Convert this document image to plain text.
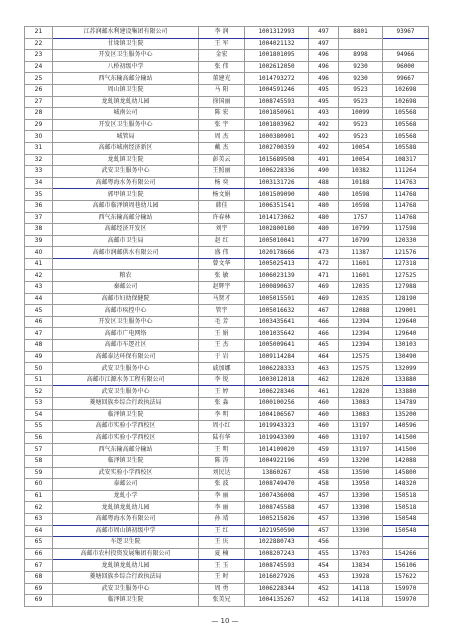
21	江苏润邮水利建设集团有限公司	李 润	1001312993	497	8801	93967
22	甘垛镇卫生院	王 军	1004021132	497		
23	开发区卫生服务中心	金宏	1001801095	496	8998	94966
24	八桥初级中学	张 伟	1002612050	496	9230	96000
25	西气东输高邮分输站	董建光	1014793272	496	9230	99667
26	周山镇卫生院	马 阳	1004591246	495	9523	102698
27	龙虬镇龙虬幼儿园	徐国丽	1008745593	495	9523	102698
28	城南公司	陈 宏	1001850961	493	10099	105568
29	开发区卫生服务中心	张 宇	1001803962	492	9523	105568
30	城管局	周 杰	1000380901	492	9523	105568
31	高邮市城南经济新区	戴 杰	1002700359	492	10054	105588
32	龙虬镇卫生院	彭美云	1015689508	491	10054	108317
33	武安卫生服务中心	王照丽	1006228336	490	10382	111264
34	高邮粤海水务有限公司	杨 奕	1003131726	488	10188	114763
35	郭甲镇卫生院	杨文娟	1001509090	480	10598	114768
36	高邮市临泽镇周巷幼儿园	韩佳	1006351541	480	10598	114768
37	西气东输高邮分输站	许春林	1014173062	480	1757	114768
38	高邮经济开发区	刘宇	1002800180	480	10799	117598
39	高邮市卫生局	赵 红	1005010041	477	10799	120330
40	高邮市润邮供水有限公司	盛 伟	1020178666	473	11387	121576
41		曾文华	1005025413	472	11601	127318
42	粮农	张 敏	1006023139	471	11601	127525
43	秦邮公司	赵辉宇	1000890637	469	12035	127988
44	高邮市妇幼保健院	马贤才	1005015501	469	12035	128190
45	高邮市疾控中心	管宇	1005016632	467	12088	129001
46	开发区卫生服务中心	毛 芳	1003435641	466	12394	129640
47	高邮市广电网络	王 娟	1001035642	466	12394	129640
48	高邮市车逻社区	王 杰	1005009641	465	12394	130103
49	高邮泰达环保有限公司	于 岩	1009114284	464	12575	130490
50	武安卫生服务中心	戚加娜	1006228333	463	12575	132099
51	高邮市江源水务工程有限公司	李 锐	1003012018	462	12820	133880
52	武安卫生服务中心	王 婷	1006228346	461	12820	133880
53	菱塘回族乡综合行政执法局	张 淼	1000100256	460	13083	134789
54	临泽镇卫生院	李 明	1004106567	460	13083	135200
55	高邮市实验小学西校区	周小红	1019943323	460	13197	140596
56	高邮市实验小学西校区	陆有华	1019943309	460	13197	141500
57	西气东输高邮分输站	王 明	1014109020	459	13197	141500
58	临泽镇卫生院	陈 涛	1004922196	459	13290	142088
59	武安实验小学西校区	刘民达	13860267	458	13590	145800
60	泰邮公司	张 波	1008749470	458	13950	148320
61	龙虬小学	李 丽	1007436008	457	13390	150518
62	龙虬镇龙虬幼儿园	李 丽	1008745588	457	13390	150518
63	高邮粤海水务有限公司	孙 靖	1005215026	457	13390	150548
64	高邮市周山镇初级中学	王 红	1021950590	457	13390	150548
65	车逻卫生院	王 庆	1022880743	456		
66	高邮市农村投资发展集团有限公司	夏 楠	1008207243	455	13703	154266
67	龙虬镇龙虬幼儿园	王 玉	1008745593	454	13834	156106
68	菱塘回族乡综合行政执法局	王 时	1016027926	453	13928	157622
69	武安卫生服务中心	周 勇	1006228344	452	14118	159970
69	临泽镇卫生院	张美兄	1004135267	452	14118	159970
— 10 —
